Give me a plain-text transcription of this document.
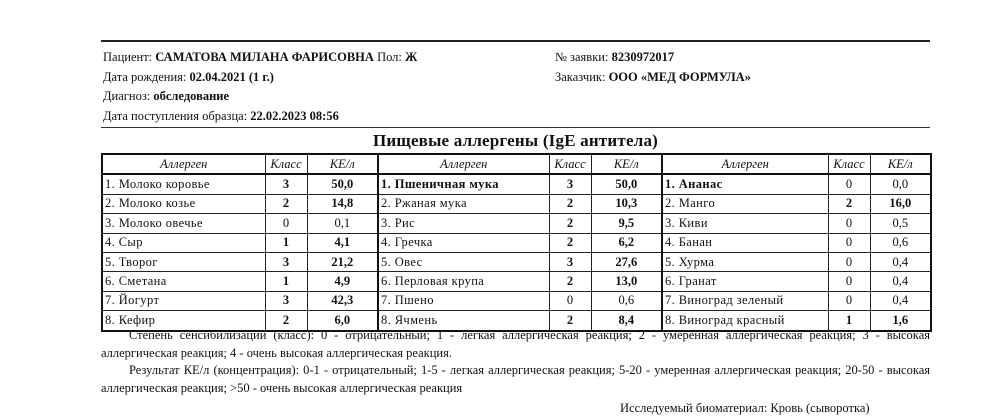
Пациент: САМАТОВА МИЛАНА ФАРИСОВНА Пол: Ж
Дата рождения: 02.04.2021 (1 г.)
Диагноз: обследование
Дата поступления образца: 22.02.2023 08:56
№ заявки: 8230972017
Заказчик: ООО «МЕД ФОРМУЛА»
Пищевые аллергены (IgE антитела)
Аллерген	Класс	КЕ/л	Аллерген	Класс	КЕ/л	Аллерген	Класс	КЕ/л
1. Молоко коровье	3	50,0	1. Пшеничная мука	3	50,0	1. Ананас	0	0,0
2. Молоко козье	2	14,8	2. Ржаная мука	2	10,3	2. Манго	2	16,0
3. Молоко овечье	0	0,1	3. Рис	2	9,5	3. Киви	0	0,5
4. Сыр	1	4,1	4. Гречка	2	6,2	4. Банан	0	0,6
5. Творог	3	21,2	5. Овес	3	27,6	5. Хурма	0	0,4
6. Сметана	1	4,9	6. Перловая крупа	2	13,0	6. Гранат	0	0,4
7. Йогурт	3	42,3	7. Пшено	0	0,6	7. Виноград зеленый	0	0,4
8. Кефир	2	6,0	8. Ячмень	2	8,4	8. Виноград красный	1	1,6

Степень сенсибилизации (класс): 0 - отрицательный; 1 - легкая аллергическая реакция; 2 - умеренная аллергическая реакция; 3 - высокая аллергическая реакция; 4 - очень высокая аллергическая реакция.

Результат КЕ/л (концентрация): 0-1 - отрицательный; 1-5 - легкая аллергическая реакция; 5-20 - умеренная аллергическая реакция; 20-50 - высокая аллергическая реакция; >50 - очень высокая аллергическая реакция

Исследуемый биоматериал: Кровь (сыворотка)
